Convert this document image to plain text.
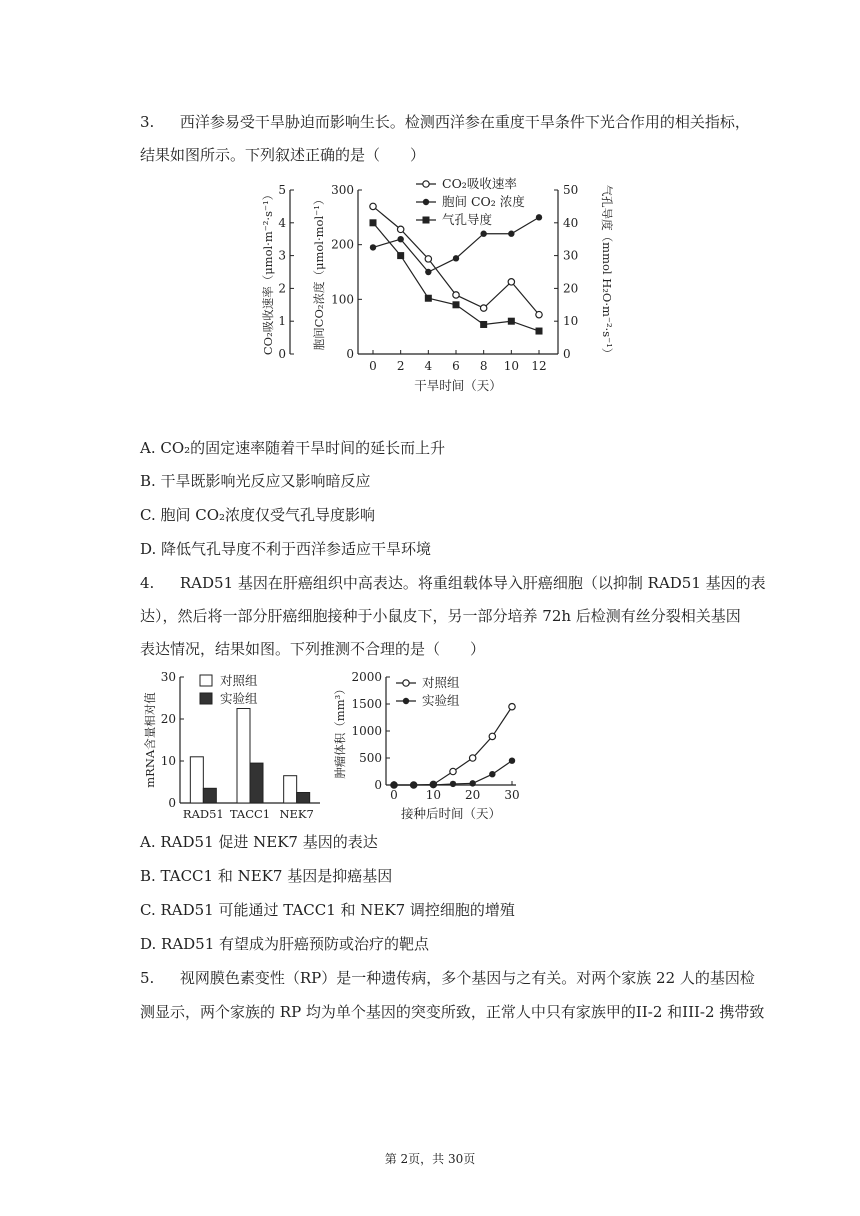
3. 西洋参易受干旱胁迫而影响生长。检测西洋参在重度干旱条件下光合作用的相关指标，
结果如图所示。下列叙述正确的是（　　）
0
1
2
3
4
5
0
100
200
300
0
10
20
30
40
50
CO₂吸收速率（μmol·m⁻²·s⁻¹）	胞间CO₂浓度（μmol·mol⁻¹）	气孔导度（mmol H₂O·m⁻²·s⁻¹）
0 2 4 6 8 10 12
干旱时间（天）
CO₂吸收速率
胞间 CO₂ 浓度
气孔导度
A. CO₂的固定速率随着干旱时间的延长而上升
B. 干旱既影响光反应又影响暗反应
C. 胞间 CO₂浓度仅受气孔导度影响
D. 降低气孔导度不利于西洋参适应干旱环境
4. RAD51 基因在肝癌组织中高表达。将重组载体导入肝癌细胞（以抑制 RAD51 基因的表
达），然后将一部分肝癌细胞接种于小鼠皮下，另一部分培养 72h 后检测有丝分裂相关基因
表达情况，结果如图。下列推测不合理的是（　　）
0
10
20
30
mRNA含量相对值
RAD51 TACC1 NEK7
对照组
实验组
0
500
1000
1500
2000
0 10 20 30
肿瘤体积（mm³）
接种后时间（天）
对照组
实验组
A. RAD51 促进 NEK7 基因的表达
B. TACC1 和 NEK7 基因是抑癌基因
C. RAD51 可能通过 TACC1 和 NEK7 调控细胞的增殖
D. RAD51 有望成为肝癌预防或治疗的靶点
5. 视网膜色素变性（RP）是一种遗传病，多个基因与之有关。对两个家族 22 人的基因检
测显示，两个家族的 RP 均为单个基因的突变所致，正常人中只有家族甲的II-2 和III-2 携带致
第 2页，共 30页
